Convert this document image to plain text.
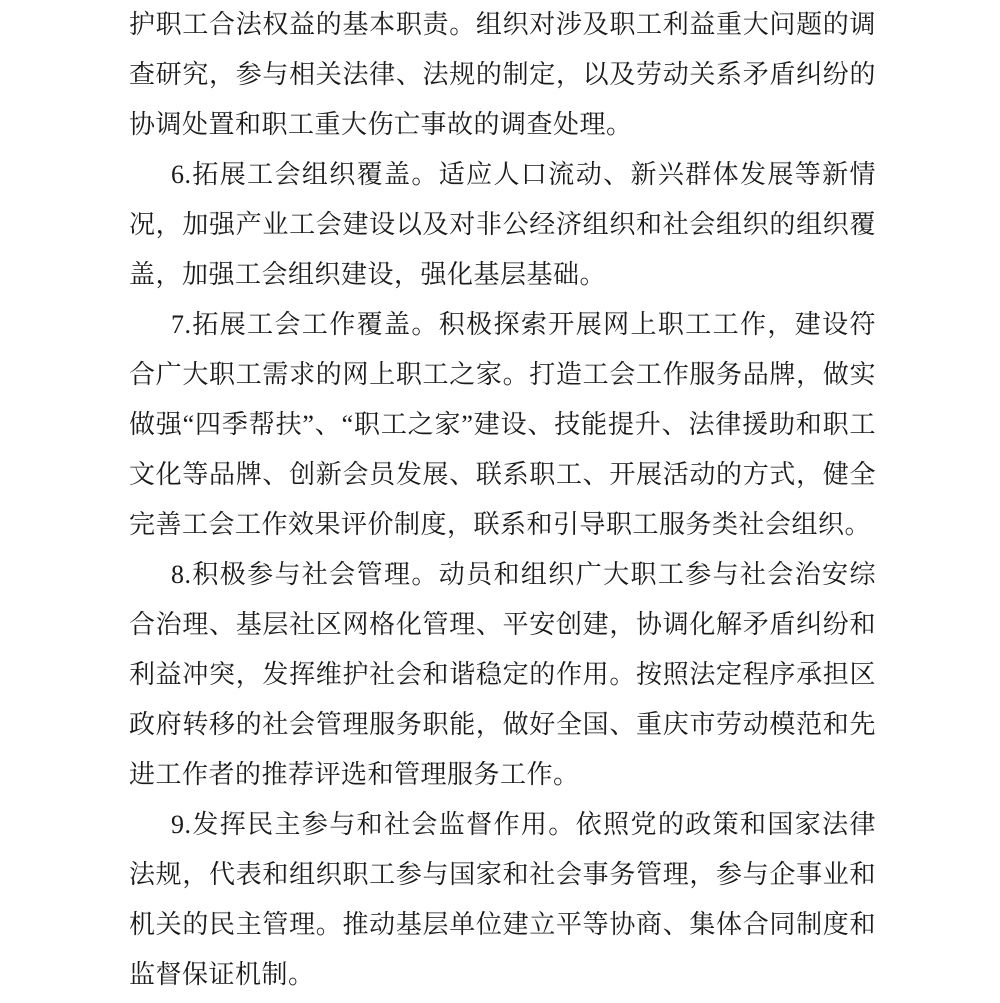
护职工合法权益的基本职责。组织对涉及职工利益重大问题的调查研究，参与相关法律、法规的制定，以及劳动关系矛盾纠纷的协调处置和职工重大伤亡事故的调查处理。

6.拓展工会组织覆盖。适应人口流动、新兴群体发展等新情况，加强产业工会建设以及对非公经济组织和社会组织的组织覆盖，加强工会组织建设，强化基层基础。

7.拓展工会工作覆盖。积极探索开展网上职工工作，建设符合广大职工需求的网上职工之家。打造工会工作服务品牌，做实做强“四季帮扶”、“职工之家”建设、技能提升、法律援助和职工文化等品牌、创新会员发展、联系职工、开展活动的方式，健全完善工会工作效果评价制度，联系和引导职工服务类社会组织。

8.积极参与社会管理。动员和组织广大职工参与社会治安综合治理、基层社区网格化管理、平安创建，协调化解矛盾纠纷和利益冲突，发挥维护社会和谐稳定的作用。按照法定程序承担区政府转移的社会管理服务职能，做好全国、重庆市劳动模范和先进工作者的推荐评选和管理服务工作。

9.发挥民主参与和社会监督作用。依照党的政策和国家法律法规，代表和组织职工参与国家和社会事务管理，参与企事业和机关的民主管理。推动基层单位建立平等协商、集体合同制度和监督保证机制。
